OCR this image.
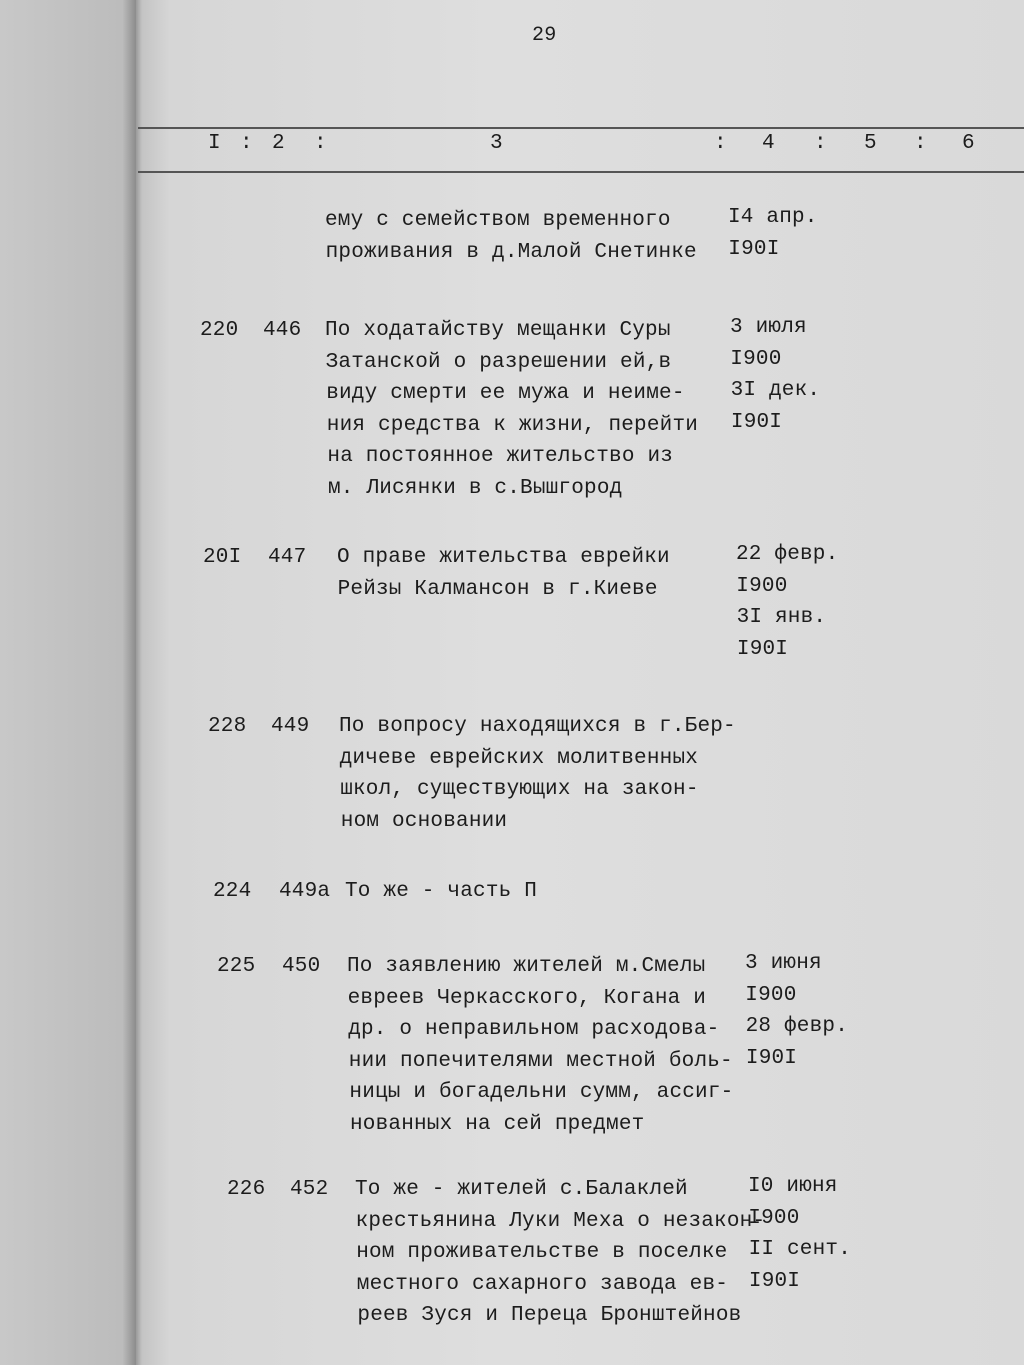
29
I : 2 :	3	: 4 : 5 : 6
ему с семейством временного
проживания в д.Малой Снетинке
I4 апр.
I90I
220 446 По ходатайству мещанки Суры
Затанской о разрешении ей,в
виду смерти ее мужа и неиме-
ния средства к жизни, перейти
на постоянное жительство из
м. Лисянки в с.Вышгород
3 июля
I900
3I дек.
I90I
20I 447 О праве жительства еврейки
Рейзы Калмансон в г.Киеве
22 февр.
I900
3I янв.
I90I
228 449 По вопросу находящихся в г.Бер-
дичеве еврейских молитвенных
школ, существующих на закон-
ном основании
224 449а То же - часть П
225 450 По заявлению жителей м.Смелы
евреев Черкасского, Когана и
др. о неправильном расходова-
нии попечителями местной боль-
ницы и богадельни сумм, ассиг-
нованных на сей предмет
3 июня
I900
28 февр.
I90I
226 452 То же - жителей с.Балаклей
крестьянина Луки Меха о незакон-
ном проживательстве в поселке
местного сахарного завода ев-
реев Зуся и Переца Бронштейнов
I0 июня
I900
II сент.
I90I
